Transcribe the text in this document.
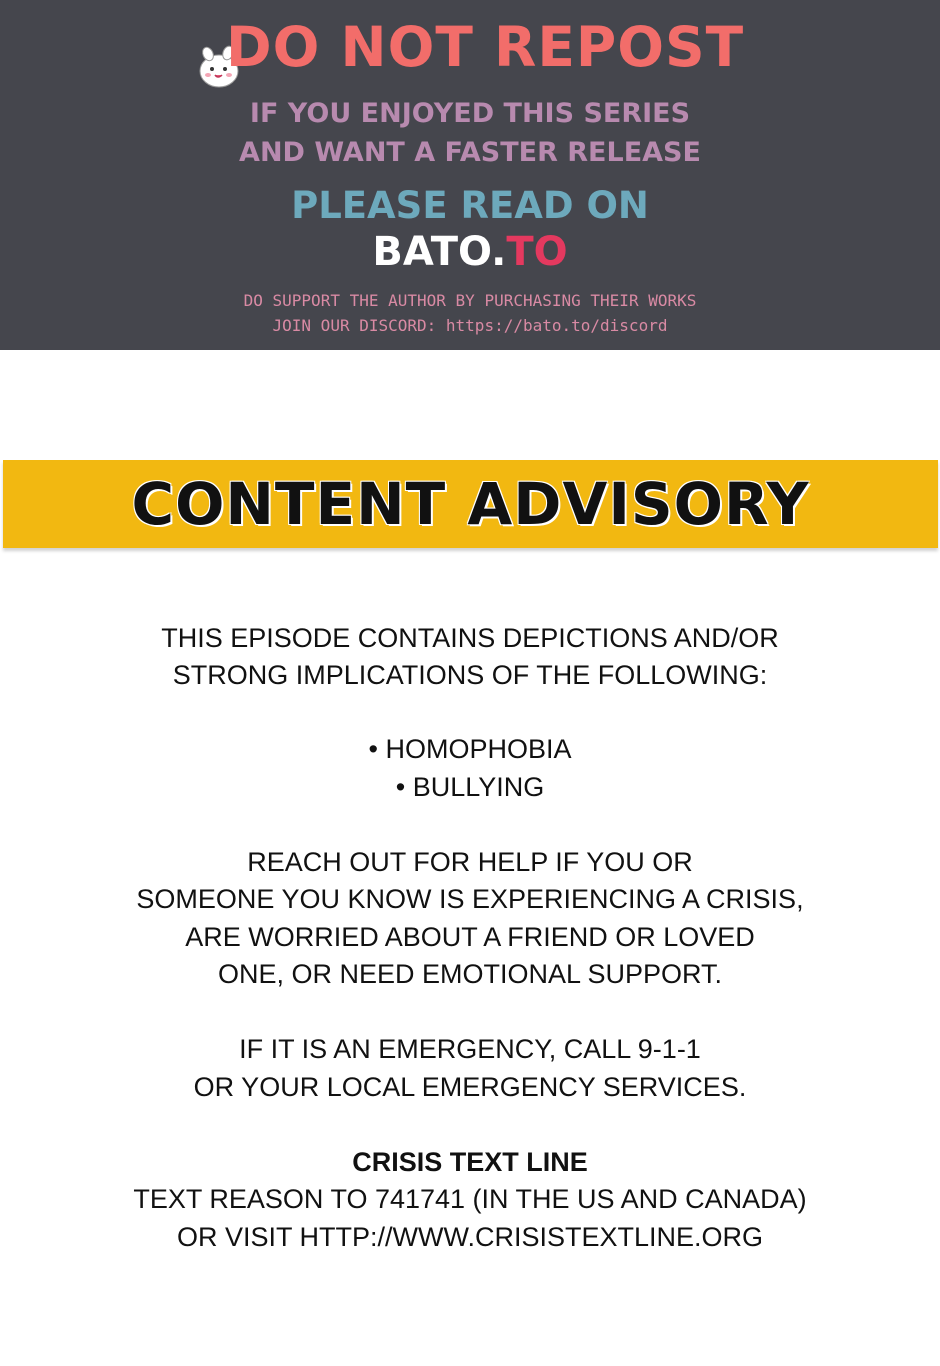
DO NOT REPOST
IF YOU ENJOYED THIS SERIES
AND WANT A FASTER RELEASE
PLEASE READ ON
BATO.TO
DO SUPPORT THE AUTHOR BY PURCHASING THEIR WORKS
JOIN OUR DISCORD: https://bato.to/discord
CONTENT ADVISORY
THIS EPISODE CONTAINS DEPICTIONS AND/OR
STRONG IMPLICATIONS OF THE FOLLOWING:
• HOMOPHOBIA
• BULLYING
REACH OUT FOR HELP IF YOU OR
SOMEONE YOU KNOW IS EXPERIENCING A CRISIS,
ARE WORRIED ABOUT A FRIEND OR LOVED
ONE, OR NEED EMOTIONAL SUPPORT.
IF IT IS AN EMERGENCY, CALL 9-1-1
OR YOUR LOCAL EMERGENCY SERVICES.
CRISIS TEXT LINE
TEXT REASON TO 741741 (IN THE US AND CANADA)
OR VISIT HTTP://WWW.CRISISTEXTLINE.ORG
